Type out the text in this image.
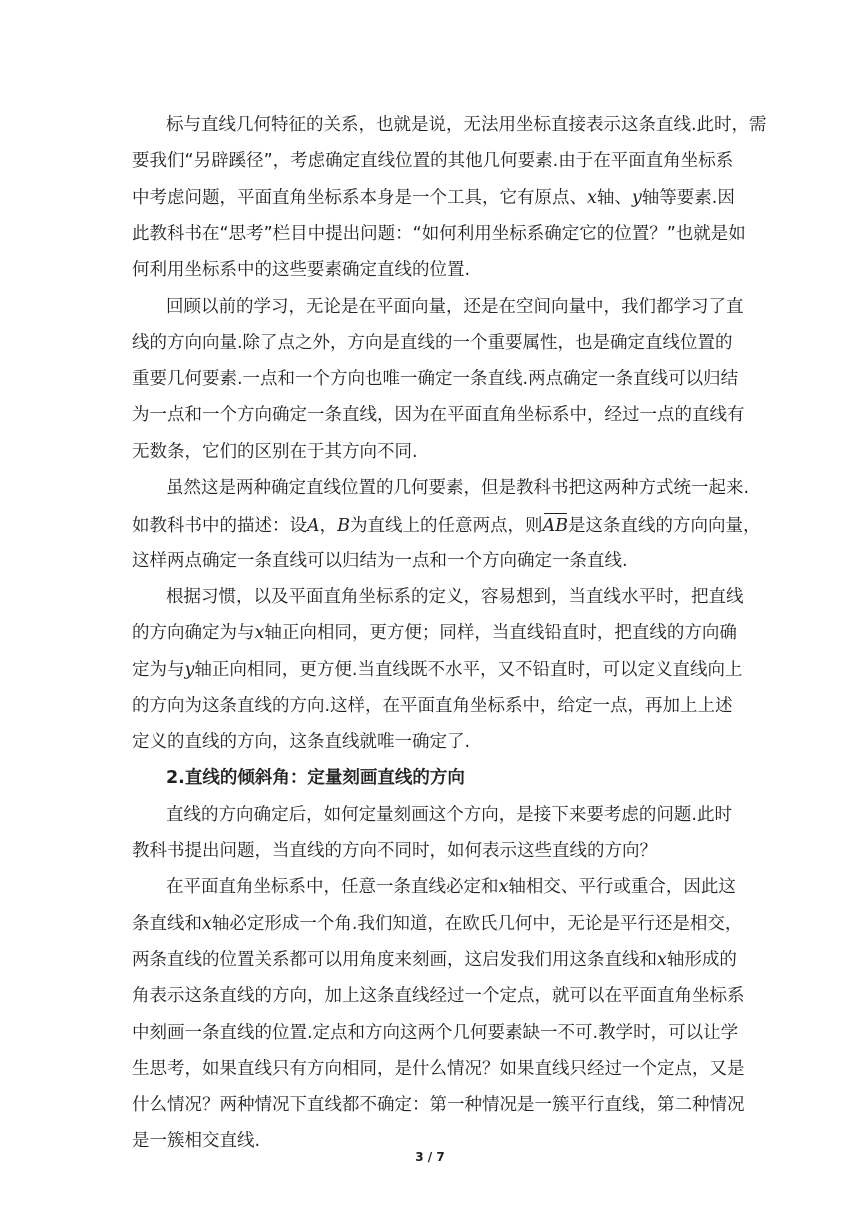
标与直线几何特征的关系，也就是说，无法用坐标直接表示这条直线.此时，需
要我们“另辟蹊径”，考虑确定直线位置的其他几何要素.由于在平面直角坐标系
中考虑问题，平面直角坐标系本身是一个工具，它有原点、x轴、y轴等要素.因
此教科书在“思考”栏目中提出问题：“如何利用坐标系确定它的位置？”也就是如
何利用坐标系中的这些要素确定直线的位置.
回顾以前的学习，无论是在平面向量，还是在空间向量中，我们都学习了直
线的方向向量.除了点之外，方向是直线的一个重要属性，也是确定直线位置的
重要几何要素.一点和一个方向也唯一确定一条直线.两点确定一条直线可以归结
为一点和一个方向确定一条直线，因为在平面直角坐标系中，经过一点的直线有
无数条，它们的区别在于其方向不同.
虽然这是两种确定直线位置的几何要素，但是教科书把这两种方式统一起来.
如教科书中的描述：设A，B为直线上的任意两点，则AB是这条直线的方向向量，
这样两点确定一条直线可以归结为一点和一个方向确定一条直线.
根据习惯，以及平面直角坐标系的定义，容易想到，当直线水平时，把直线
的方向确定为与x轴正向相同，更方便；同样，当直线铅直时，把直线的方向确
定为与y轴正向相同，更方便.当直线既不水平，又不铅直时，可以定义直线向上
的方向为这条直线的方向.这样，在平面直角坐标系中，给定一点，再加上上述
定义的直线的方向，这条直线就唯一确定了.
2.直线的倾斜角：定量刻画直线的方向
直线的方向确定后，如何定量刻画这个方向，是接下来要考虑的问题.此时
教科书提出问题，当直线的方向不同时，如何表示这些直线的方向？
在平面直角坐标系中，任意一条直线必定和x轴相交、平行或重合，因此这
条直线和x轴必定形成一个角.我们知道，在欧氏几何中，无论是平行还是相交，
两条直线的位置关系都可以用角度来刻画，这启发我们用这条直线和x轴形成的
角表示这条直线的方向，加上这条直线经过一个定点，就可以在平面直角坐标系
中刻画一条直线的位置.定点和方向这两个几何要素缺一不可.教学时，可以让学
生思考，如果直线只有方向相同，是什么情况？如果直线只经过一个定点，又是
什么情况？两种情况下直线都不确定：第一种情况是一簇平行直线，第二种情况
是一簇相交直线.
3 / 7
